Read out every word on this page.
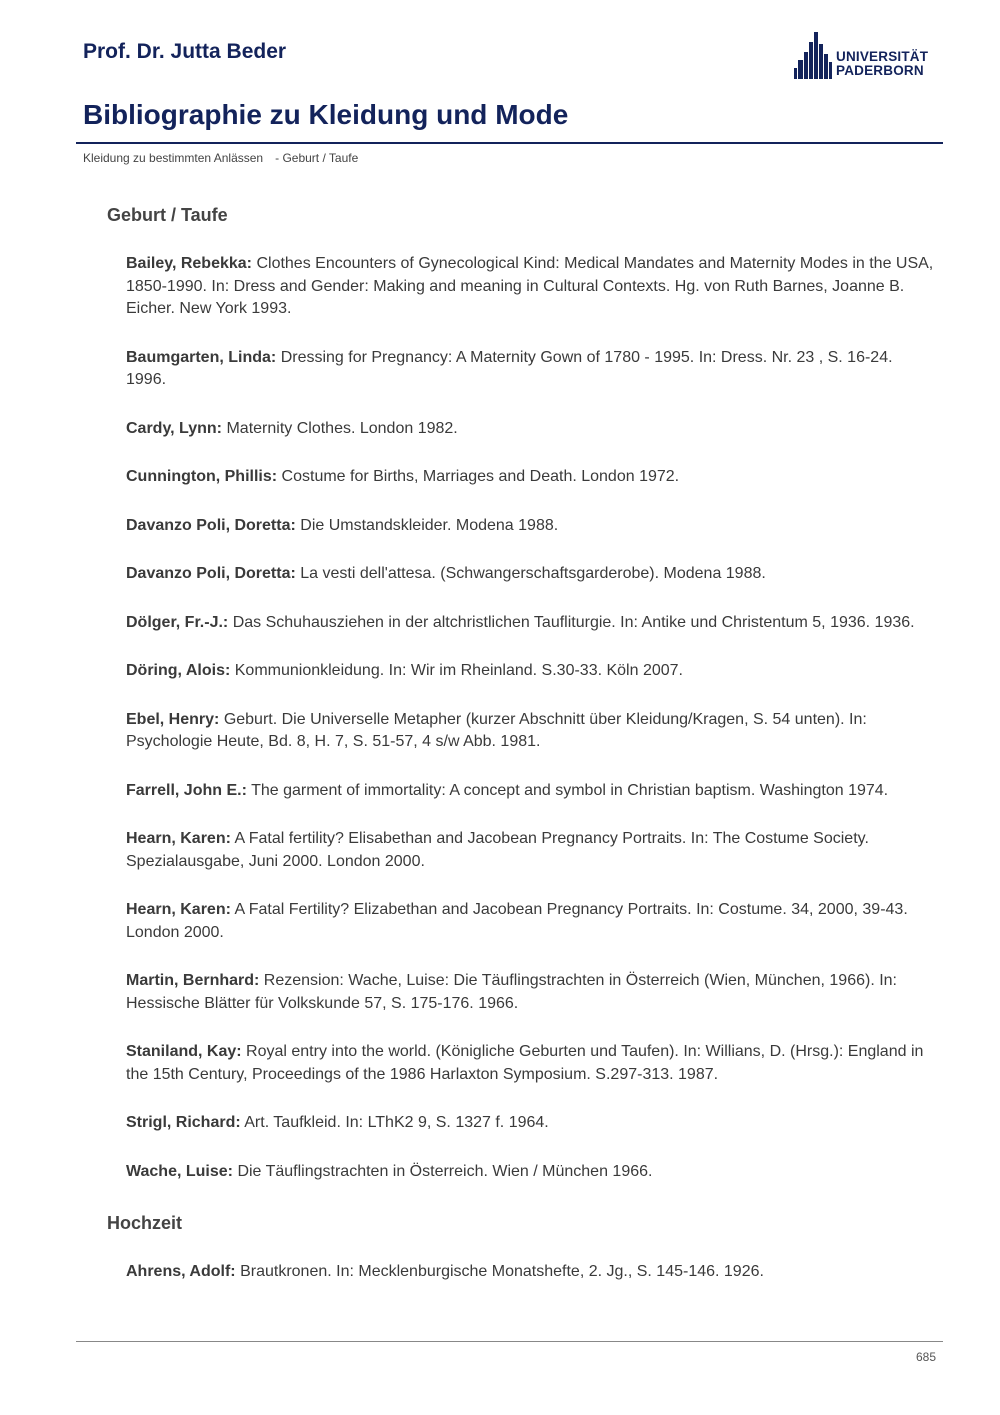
Prof. Dr. Jutta Beder	UNIVERSITÄT
PADERBORN
Bibliographie zu Kleidung und Mode
Kleidung zu bestimmten Anlässen - Geburt / Taufe
Geburt / Taufe
Bailey, Rebekka: Clothes Encounters of Gynecological Kind: Medical Mandates and Maternity Modes in the USA, 1850-1990. In: Dress and Gender: Making and meaning in Cultural Contexts. Hg. von Ruth Barnes, Joanne B. Eicher. New York 1993.
Baumgarten, Linda: Dressing for Pregnancy: A Maternity Gown of 1780 - 1995. In: Dress. Nr. 23 , S. 16-24. 1996.
Cardy, Lynn: Maternity Clothes. London 1982.
Cunnington, Phillis: Costume for Births, Marriages and Death. London 1972.
Davanzo Poli, Doretta: Die Umstandskleider. Modena 1988.
Davanzo Poli, Doretta: La vesti dell'attesa. (Schwangerschaftsgarderobe). Modena 1988.
Dölger, Fr.-J.: Das Schuhausziehen in der altchristlichen Taufliturgie. In: Antike und Christentum 5, 1936. 1936.
Döring, Alois: Kommunionkleidung. In: Wir im Rheinland. S.30-33. Köln 2007.
Ebel, Henry: Geburt. Die Universelle Metapher (kurzer Abschnitt über Kleidung/Kragen, S. 54 unten). In: Psychologie Heute, Bd. 8, H. 7, S. 51-57, 4 s/w Abb. 1981.
Farrell, John E.: The garment of immortality: A concept and symbol in Christian baptism. Washington 1974.
Hearn, Karen: A Fatal fertility? Elisabethan and Jacobean Pregnancy Portraits. In: The Costume Society. Spezialausgabe, Juni 2000. London 2000.
Hearn, Karen: A Fatal Fertility? Elizabethan and Jacobean Pregnancy Portraits. In: Costume. 34, 2000, 39-43. London 2000.
Martin, Bernhard: Rezension: Wache, Luise: Die Täuflingstrachten in Österreich (Wien, München, 1966). In: Hessische Blätter für Volkskunde 57, S. 175-176. 1966.
Staniland, Kay: Royal entry into the world. (Königliche Geburten und Taufen). In: Willians, D. (Hrsg.): England in the 15th Century, Proceedings of the 1986 Harlaxton Symposium. S.297-313. 1987.
Strigl, Richard: Art. Taufkleid. In: LThK2 9, S. 1327 f. 1964.
Wache, Luise: Die Täuflingstrachten in Österreich. Wien / München 1966.
Hochzeit
Ahrens, Adolf: Brautkronen. In: Mecklenburgische Monatshefte, 2. Jg., S. 145-146. 1926.
685
